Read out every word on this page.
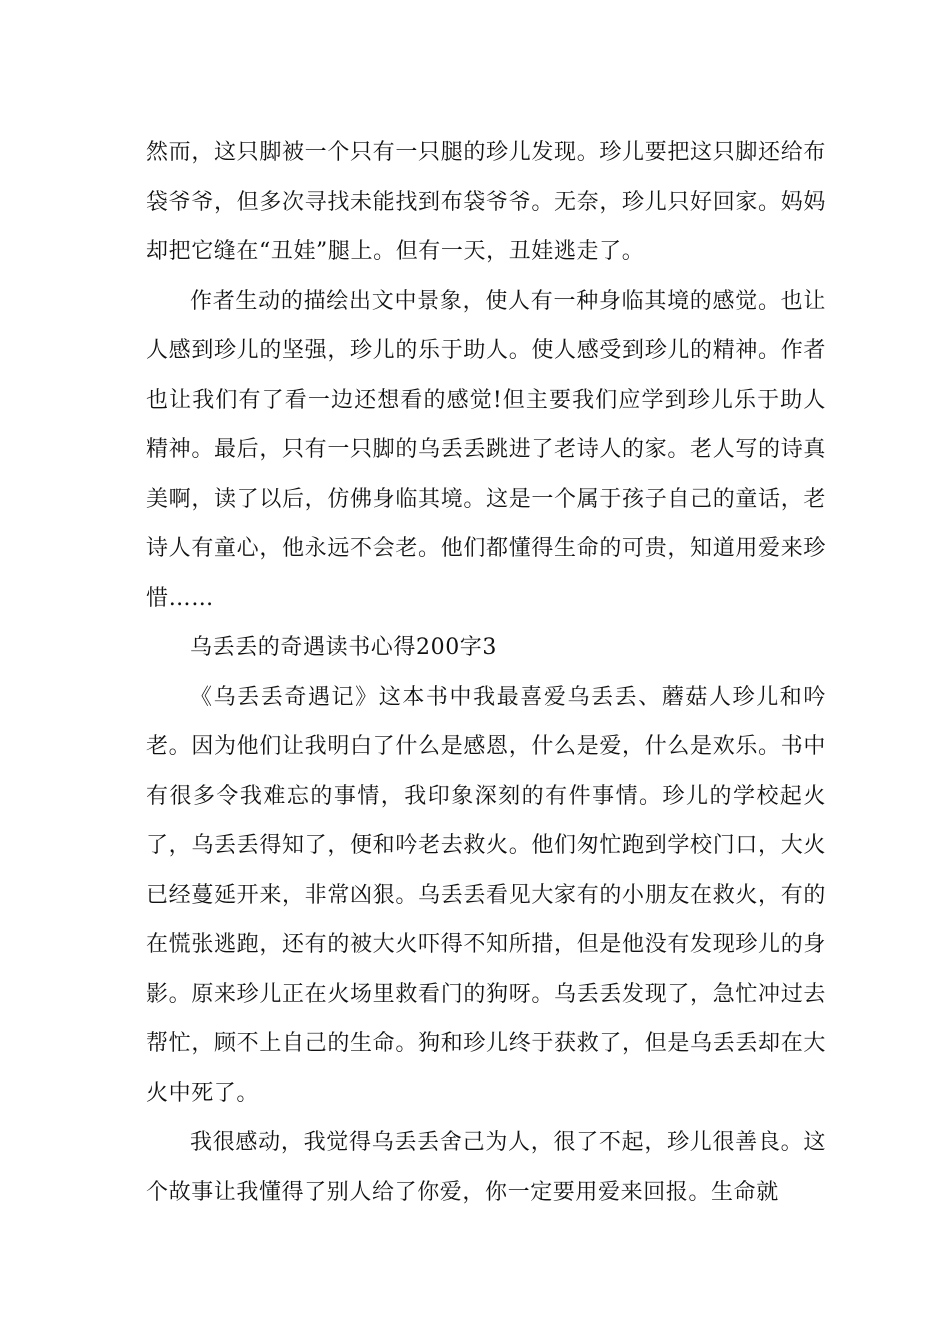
然而，这只脚被一个只有一只腿的珍儿发现。珍儿要把这只脚还给布袋爷爷，但多次寻找未能找到布袋爷爷。无奈，珍儿只好回家。妈妈却把它缝在“丑娃”腿上。但有一天，丑娃逃走了。

作者生动的描绘出文中景象，使人有一种身临其境的感觉。也让人感到珍儿的坚强，珍儿的乐于助人。使人感受到珍儿的精神。作者也让我们有了看一边还想看的感觉!但主要我们应学到珍儿乐于助人精神。最后，只有一只脚的乌丢丢跳进了老诗人的家。老人写的诗真美啊，读了以后，仿佛身临其境。这是一个属于孩子自己的童话，老诗人有童心，他永远不会老。他们都懂得生命的可贵，知道用爱来珍惜……

乌丢丢的奇遇读书心得200字3

《乌丢丢奇遇记》这本书中我最喜爱乌丢丢、蘑菇人珍儿和吟老。因为他们让我明白了什么是感恩，什么是爱，什么是欢乐。书中有很多令我难忘的事情，我印象深刻的有件事情。珍儿的学校起火了，乌丢丢得知了，便和吟老去救火。他们匆忙跑到学校门口，大火已经蔓延开来，非常凶狠。乌丢丢看见大家有的小朋友在救火，有的在慌张逃跑，还有的被大火吓得不知所措，但是他没有发现珍儿的身影。原来珍儿正在火场里救看门的狗呀。乌丢丢发现了，急忙冲过去帮忙，顾不上自己的生命。狗和珍儿终于获救了，但是乌丢丢却在大火中死了。

我很感动，我觉得乌丢丢舍己为人，很了不起，珍儿很善良。这个故事让我懂得了别人给了你爱，你一定要用爱来回报。生命就
